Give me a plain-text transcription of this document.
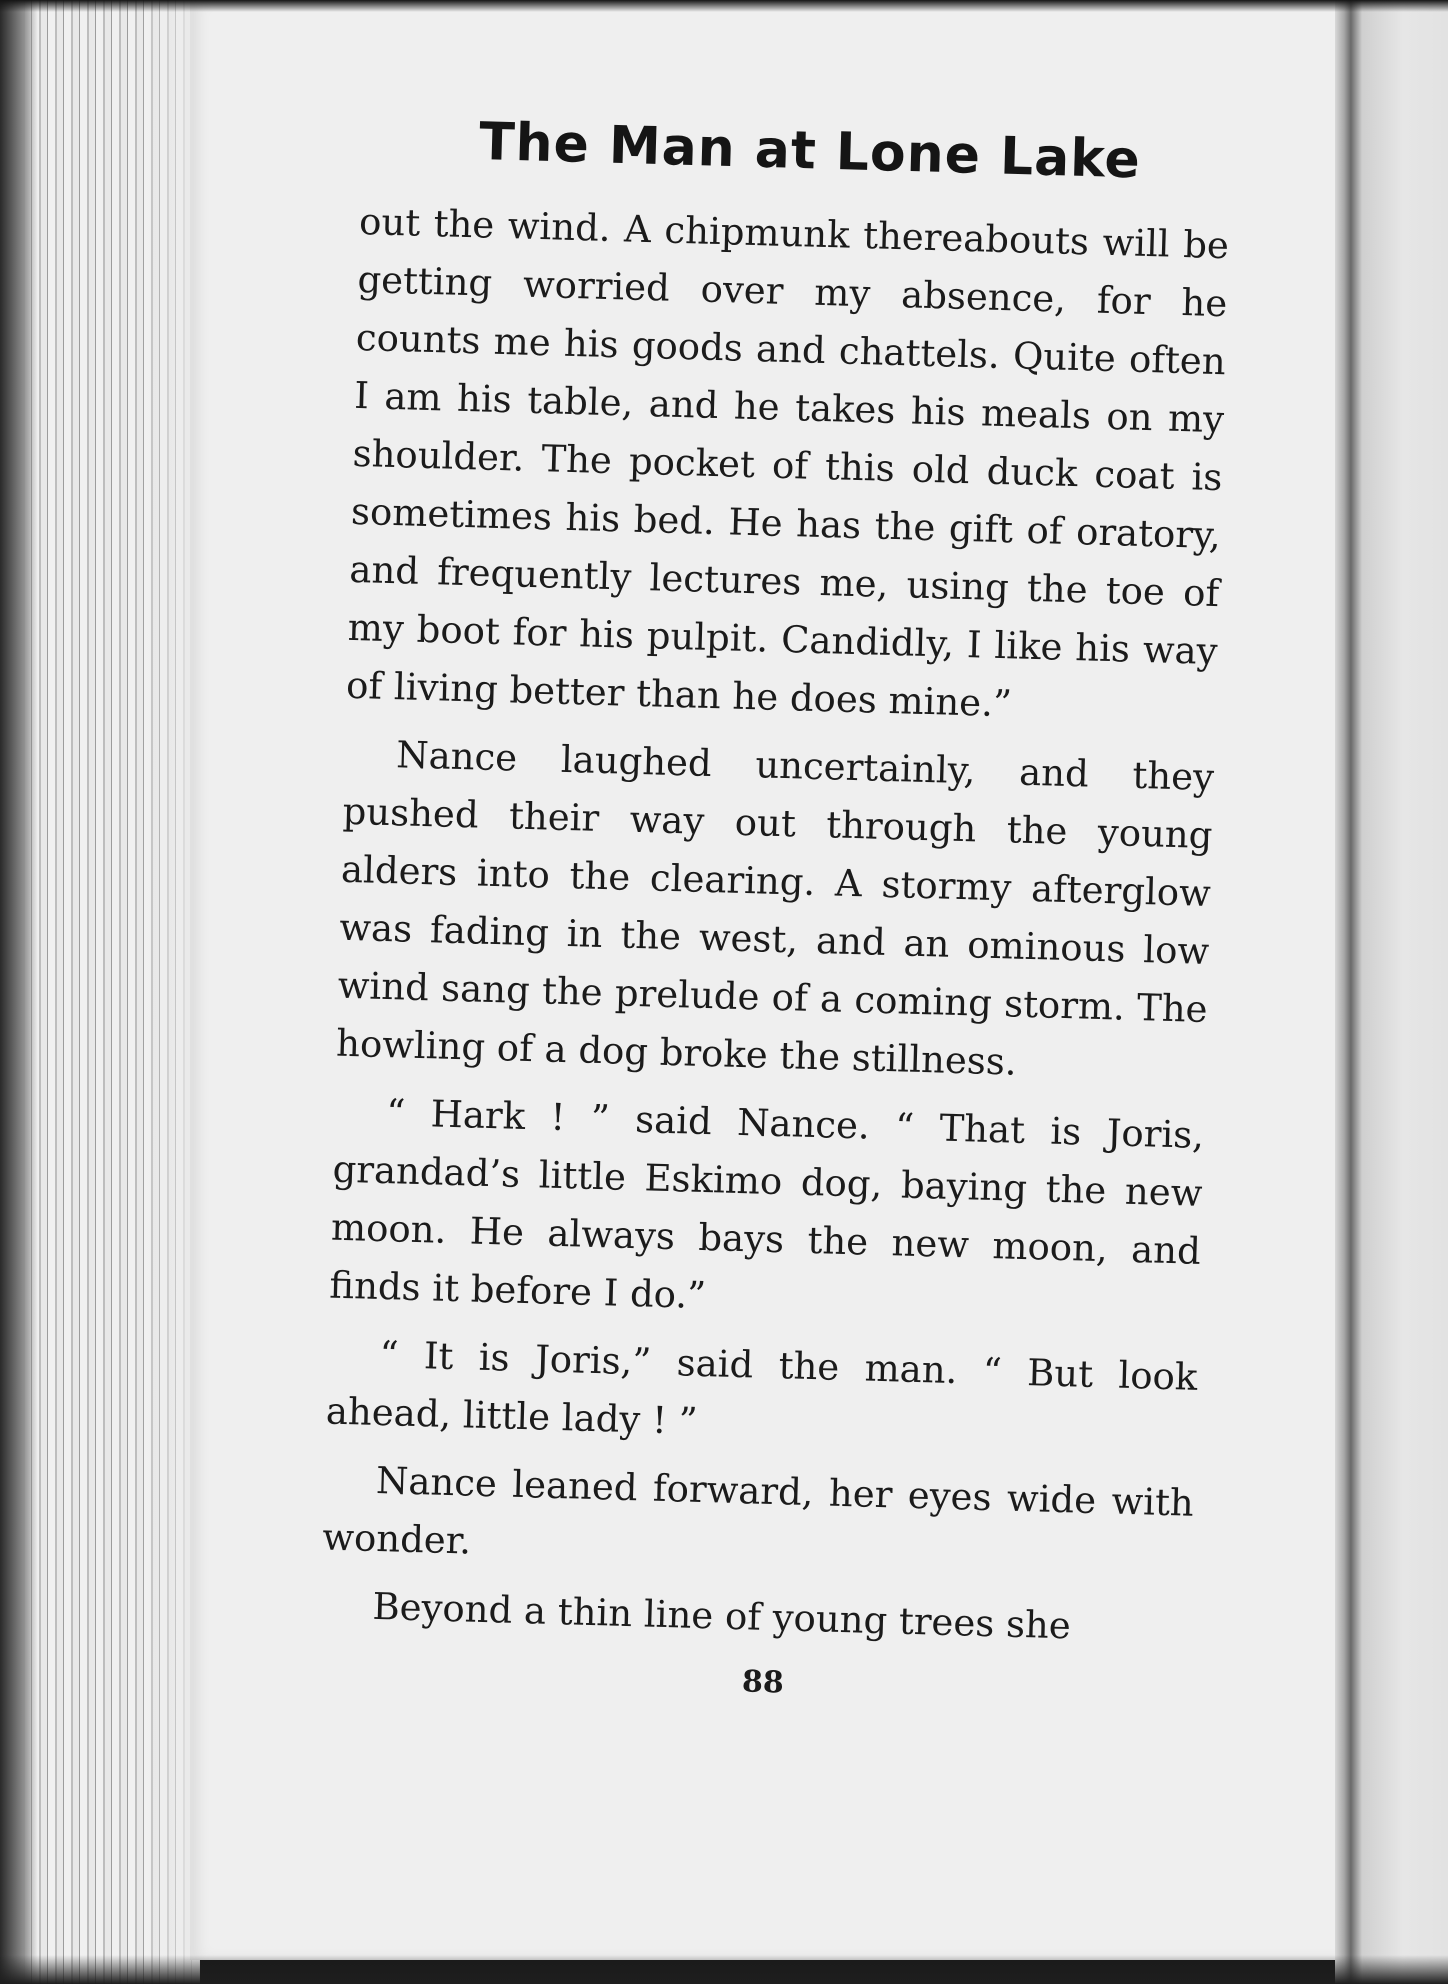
The Man at Lone Lake

out the wind. A chipmunk thereabouts will be getting worried over my absence, for he counts me his goods and chattels. Quite often I am his table, and he takes his meals on my shoulder. The pocket of this old duck coat is sometimes his bed. He has the gift of oratory, and frequently lectures me, using the toe of my boot for his pulpit. Candidly, I like his way of living better than he does mine.”

Nance laughed uncertainly, and they pushed their way out through the young alders into the clearing. A stormy afterglow was fading in the west, and an ominous low wind sang the prelude of a coming storm. The howling of a dog broke the stillness.

“ Hark ! ” said Nance. “ That is Joris, grandad’s little Eskimo dog, baying the new moon. He always bays the new moon, and finds it before I do.”

“ It is Joris,” said the man. “ But look ahead, little lady ! ”

Nance leaned forward, her eyes wide with wonder.

Beyond a thin line of young trees she

88
